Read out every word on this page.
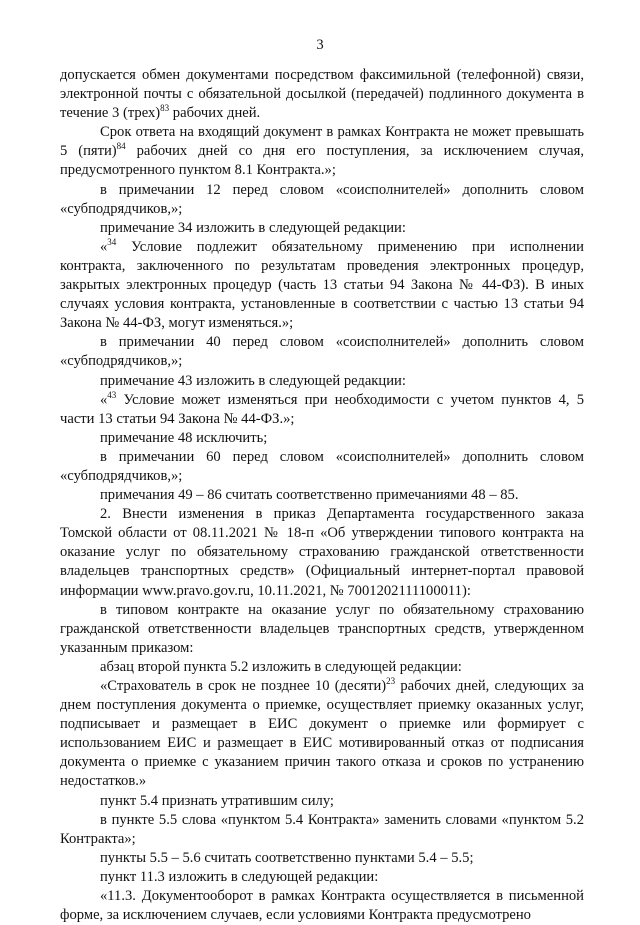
3

допускается обмен документами посредством факсимильной (телефонной) связи, электронной почты с обязательной досылкой (передачей) подлинного документа в течение 3 (трех)$^{83}$ рабочих дней.

Срок ответа на входящий документ в рамках Контракта не может превышать 5 (пяти)$^{84}$ рабочих дней со дня его поступления, за исключением случая, предусмотренного пунктом 8.1 Контракта.»;

в примечании 12 перед словом «соисполнителей» дополнить словом «субподрядчиков,»;

примечание 34 изложить в следующей редакции:

«$^{34}$ Условие подлежит обязательному применению при исполнении контракта, заключенного по результатам проведения электронных процедур, закрытых электронных процедур (часть 13 статьи 94 Закона № 44-ФЗ). В иных случаях условия контракта, установленные в соответствии с частью 13 статьи 94 Закона № 44-ФЗ, могут изменяться.»;

в примечании 40 перед словом «соисполнителей» дополнить словом «субподрядчиков,»;

примечание 43 изложить в следующей редакции:

«$^{43}$ Условие может изменяться при необходимости с учетом пунктов 4, 5 части 13 статьи 94 Закона № 44-ФЗ.»;

примечание 48 исключить;

в примечании 60 перед словом «соисполнителей» дополнить словом «субподрядчиков,»;

примечания 49 – 86 считать соответственно примечаниями 48 – 85.

2. Внести изменения в приказ Департамента государственного заказа Томской области от 08.11.2021 № 18-п «Об утверждении типового контракта на оказание услуг по обязательному страхованию гражданской ответственности владельцев транспортных средств» (Официальный интернет-портал правовой информации www.pravo.gov.ru, 10.11.2021, № 7001202111100011):

в типовом контракте на оказание услуг по обязательному страхованию гражданской ответственности владельцев транспортных средств, утвержденном указанным приказом:

абзац второй пункта 5.2 изложить в следующей редакции:

«Страхователь в срок не позднее 10 (десяти)$^{23}$ рабочих дней, следующих за днем поступления документа о приемке, осуществляет приемку оказанных услуг, подписывает и размещает в ЕИС документ о приемке или формирует с использованием ЕИС и размещает в ЕИС мотивированный отказ от подписания документа о приемке с указанием причин такого отказа и сроков по устранению недостатков.»

пункт 5.4 признать утратившим силу;

в пункте 5.5 слова «пунктом 5.4 Контракта» заменить словами «пунктом 5.2 Контракта»;

пункты 5.5 – 5.6 считать соответственно пунктами 5.4 – 5.5;

пункт 11.3 изложить в следующей редакции:

«11.3. Документооборот в рамках Контракта осуществляется в письменной форме, за исключением случаев, если условиями Контракта предусмотрено
